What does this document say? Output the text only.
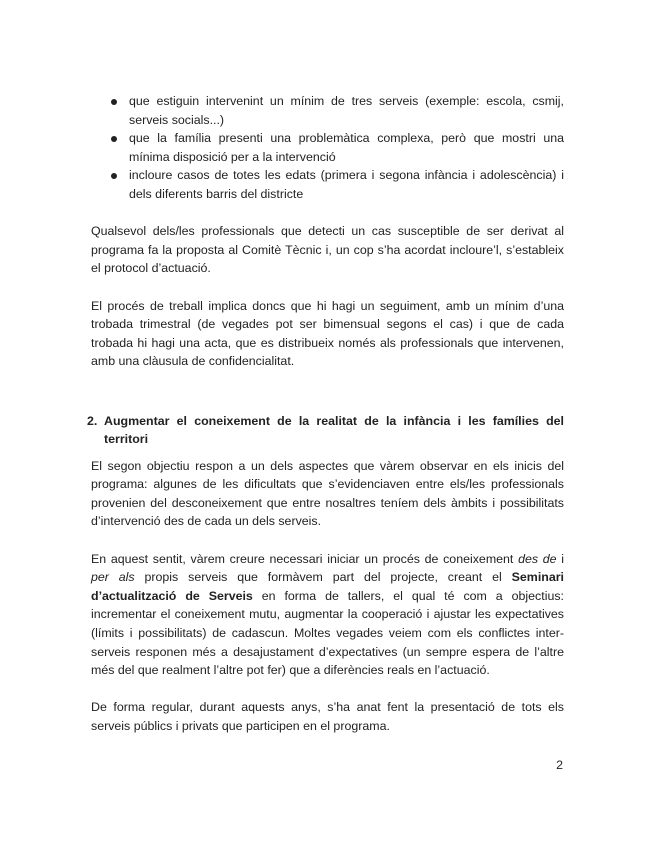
que estiguin intervenint un mínim de tres serveis (exemple: escola, csmij, serveis socials...)
que la família presenti una problemàtica complexa, però que mostri una mínima disposició per a la intervenció
incloure casos de totes les edats (primera i segona infància i adolescència) i dels diferents barris del districte

Qualsevol dels/les professionals que detecti un cas susceptible de ser derivat al programa fa la proposta al Comitè Tècnic i, un cop s’ha acordat incloure’l, s’estableix el protocol d’actuació.

El procés de treball implica doncs que hi hagi un seguiment, amb un mínim d’una trobada trimestral (de vegades pot ser bimensual segons el cas) i que de cada trobada hi hagi una acta, que es distribueix només als professionals que intervenen, amb una clàusula de confidencialitat.

2. Augmentar el coneixement de la realitat de la infància i les famílies del territori

El segon objectiu respon a un dels aspectes que vàrem observar en els inicis del programa: algunes de les dificultats que s’evidenciaven entre els/les professionals provenien del desconeixement que entre nosaltres teníem dels àmbits i possibilitats d’intervenció des de cada un dels serveis.

En aquest sentit, vàrem creure necessari iniciar un procés de coneixement des de i per als propis serveis que formàvem part del projecte, creant el Seminari d’actualització de Serveis en forma de tallers, el qual té com a objectius: incrementar el coneixement mutu, augmentar la cooperació i ajustar les expectatives (límits i possibilitats) de cadascun. Moltes vegades veiem com els conflictes inter-serveis responen més a desajustament d’expectatives (un sempre espera de l’altre més del que realment l’altre pot fer) que a diferències reals en l’actuació.

De forma regular, durant aquests anys, s’ha anat fent la presentació de tots els serveis públics i privats que participen en el programa.

2
